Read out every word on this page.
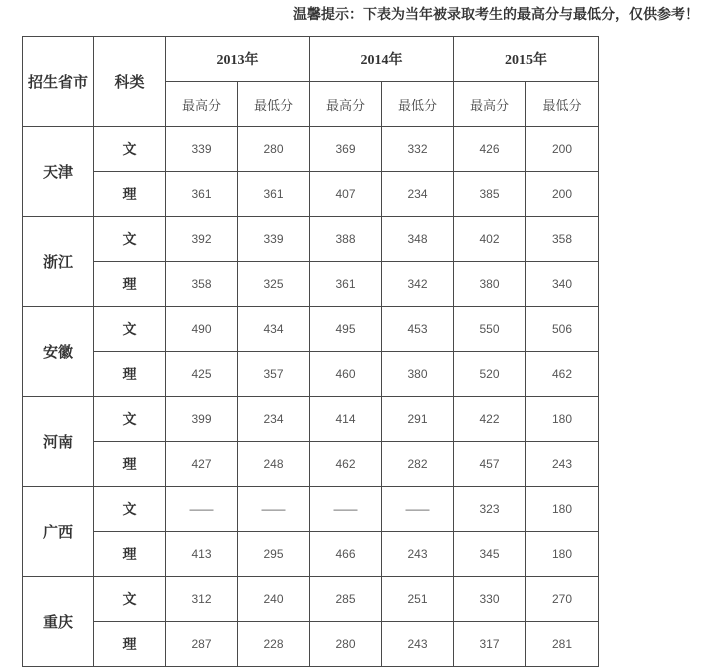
温馨提示：下表为当年被录取考生的最高分与最低分，仅供参考！
招生省市	科类	2013年		2014年		2015年	
		最高分	最低分	最高分	最低分	最高分	最低分
天津	文	339	280	369	332	426	200
	理	361	361	407	234	385	200
浙江	文	392	339	388	348	402	358
	理	358	325	361	342	380	340
安徽	文	490	434	495	453	550	506
	理	425	357	460	380	520	462
河南	文	399	234	414	291	422	180
	理	427	248	462	282	457	243
广西	文	——	——	——	——	323	180
	理	413	295	466	243	345	180
重庆	文	312	240	285	251	330	270
	理	287	228	280	243	317	281
